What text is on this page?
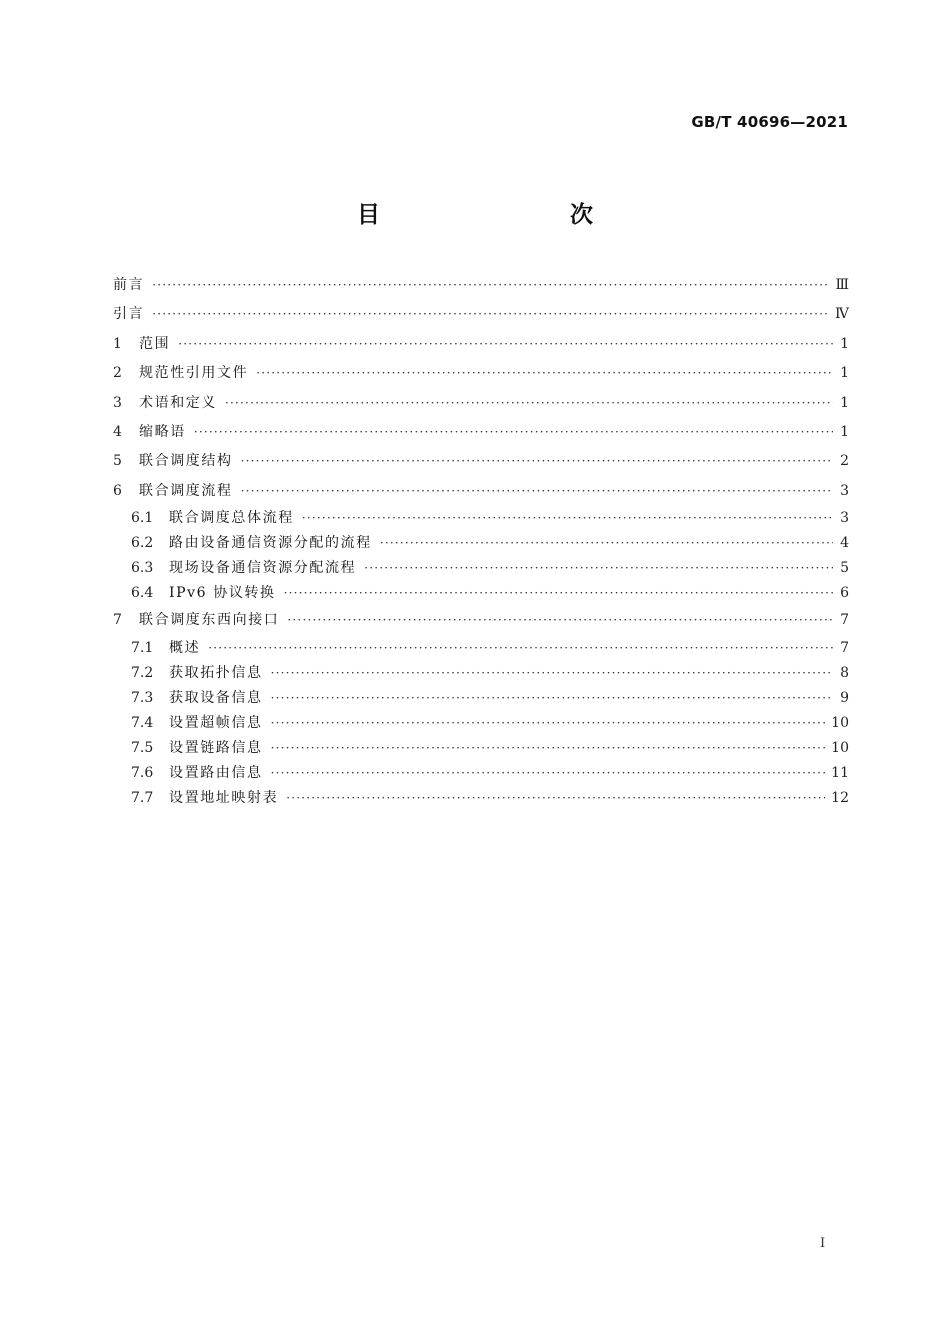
GB/T 40696—2021
目　　次
前言 ·····	Ⅲ
引言 ·····	Ⅳ
1	范围 ·····	1
2	规范性引用文件 ·····	1
3	术语和定义 ·····	1
4	缩略语 ·····	1
5	联合调度结构 ·····	2
6	联合调度流程 ·····	3
6.1	联合调度总体流程 ·····	3
6.2	路由设备通信资源分配的流程 ·····	4
6.3	现场设备通信资源分配流程 ·····	5
6.4	IPv6 协议转换 ·····	6
7	联合调度东西向接口 ·····	7
7.1	概述 ·····	7
7.2	获取拓扑信息 ·····	8
7.3	获取设备信息 ·····	9
7.4	设置超帧信息 ·····	10
7.5	设置链路信息 ·····	10
7.6	设置路由信息 ·····	11
7.7	设置地址映射表 ·····	12
Ⅰ
